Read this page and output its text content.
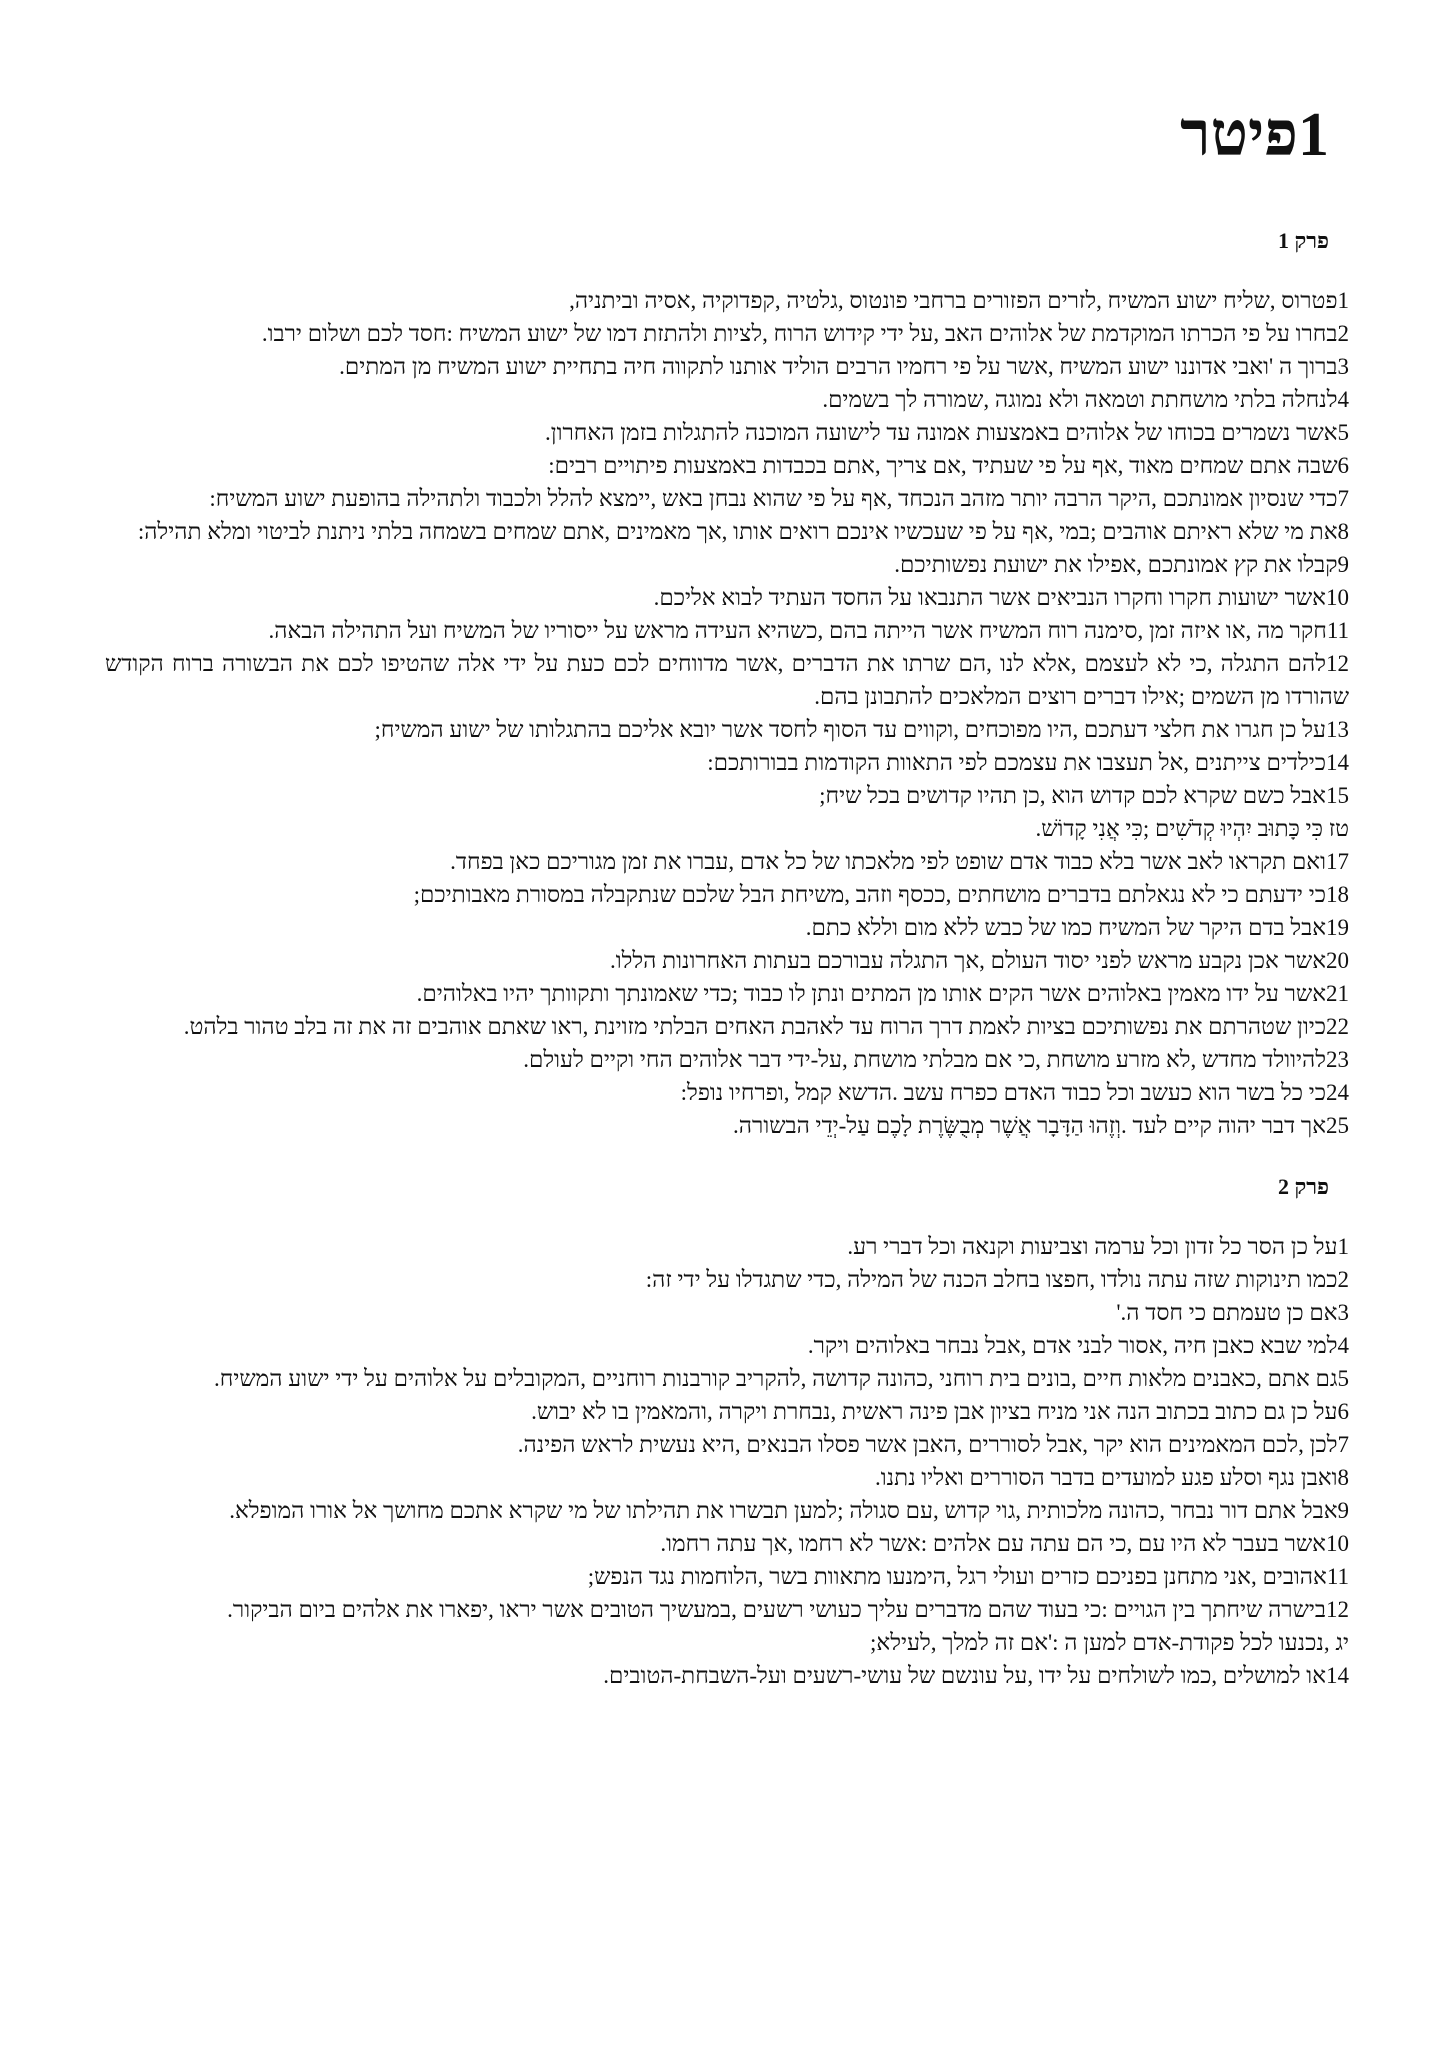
1פיטר
פרק 1
1פטרוס ,שליח ישוע המשיח ,לזרים הפזורים ברחבי פונטוס ,גלטיה ,קפדוקיה ,אסיה וביתניה,
2בחרו על פי הכרתו המוקדמת של אלוהים האב ,על ידי קידוש הרוח ,לציות ולהתזת דמו של ישוע המשיח :חסד לכם ושלום ירבו.
3ברוך ה 'ואבי אדוננו ישוע המשיח ,אשר על פי רחמיו הרבים הוליד אותנו לתקווה חיה בתחיית ישוע המשיח מן המתים.
4לנחלה בלתי מושחתת וטמאה ולא נמוגה ,שמורה לך בשמים.
5אשר נשמרים בכוחו של אלוהים באמצעות אמונה עד לישועה המוכנה להתגלות בזמן האחרון.
6שבה אתם שמחים מאוד ,אף על פי שעתיד ,אם צריך ,אתם בכבדות באמצעות פיתויים רבים:
7כדי שנסיון אמונתכם ,היקר הרבה יותר מזהב הנכחד ,אף על פי שהוא נבחן באש ,יימצא להלל ולכבוד ולתהילה בהופעת ישוע המשיח:
8את מי שלא ראיתם אוהבים ;במי ,אף על פי שעכשיו אינכם רואים אותו ,אך מאמינים ,אתם שמחים בשמחה בלתי ניתנת לביטוי ומלא תהילה:
9קבלו את קץ אמונתכם ,אפילו את ישועת נפשותיכם.
10אשר ישועות חקרו וחקרו הנביאים אשר התנבאו על החסד העתיד לבוא אליכם.
11חקר מה ,או איזה זמן ,סימנה רוח המשיח אשר הייתה בהם ,כשהיא העידה מראש על ייסוריו של המשיח ועל התהילה הבאה.
12להם התגלה ,כי לא לעצמם ,אלא לנו ,הם שרתו את הדברים ,אשר מדווחים לכם כעת על ידי אלה שהטיפו לכם את הבשורה ברוח הקודש שהורדו מן השמים ;אילו דברים רוצים המלאכים להתבונן בהם.
13על כן חגרו את חלצי דעתכם ,היו מפוכחים ,וקווים עד הסוף לחסד אשר יובא אליכם בהתגלותו של ישוע המשיח;
14כילדים צייתנים ,אל תעצבו את עצמכם לפי התאוות הקודמות בבורותכם:
15אבל כשם שקרא לכם קדוש הוא ,כן תהיו קדושים בכל שיח;
טז כִּי כָּתוּב יִהְיוּ קְדֹשִׁים ;כִּי אֲנִי קָדוֹשׁ.
17ואם תקראו לאב אשר בלא כבוד אדם שופט לפי מלאכתו של כל אדם ,עברו את זמן מגוריכם כאן בפחד.
18כי ידעתם כי לא נגאלתם בדברים מושחתים ,ככסף וזהב ,משיחת הבל שלכם שנתקבלה במסורת מאבותיכם;
19אבל בדם היקר של המשיח כמו של כבש ללא מום וללא כתם.
20אשר אכן נקבע מראש לפני יסוד העולם ,אך התגלה עבורכם בעתות האחרונות הללו.
21אשר על ידו מאמין באלוהים אשר הקים אותו מן המתים ונתן לו כבוד ;כדי שאמונתך ותקוותך יהיו באלוהים.
22כיון שטהרתם את נפשותיכם בציות לאמת דרך הרוח עד לאהבת האחים הבלתי מזוינת ,ראו שאתם אוהבים זה את זה בלב טהור בלהט.
23להיוולד מחדש ,לא מזרע מושחת ,כי אם מבלתי מושחת ,על-ידי דבר אלוהים החי וקיים לעולם.
24כי כל בשר הוא כעשב וכל כבוד האדם כפרח עשב .הדשא קמל ,ופרחיו נופל:
25אך דבר יהוה קיים לעד .וְזֶהוּ הַדָּבָר אֲשֶׁר מְבֻשֶּׂרֶת לָכֶם עַל-יְדֵי הבשורה.
פרק 2
1על כן הסר כל זדון וכל ערמה וצביעות וקנאה וכל דברי רע.
2כמו תינוקות שזה עתה נולדו ,חפצו בחלב הכנה של המילה ,כדי שתגדלו על ידי זה:
3אם כן טעמתם כי חסד ה.'
4למי שבא כאבן חיה ,אסור לבני אדם ,אבל נבחר באלוהים ויקר.
5גם אתם ,כאבנים מלאות חיים ,בונים בית רוחני ,כהונה קדושה ,להקריב קורבנות רוחניים ,המקובלים על אלוהים על ידי ישוע המשיח.
6על כן גם כתוב בכתוב הנה אני מניח בציון אבן פינה ראשית ,נבחרת ויקרה ,והמאמין בו לא יבוש.
7לכן ,לכם המאמינים הוא יקר ,אבל לסוררים ,האבן אשר פסלו הבנאים ,היא נעשית לראש הפינה.
8ואבן נגף וסלע פגע למועדים בדבר הסוררים ואליו נתנו.
9אבל אתם דור נבחר ,כהונה מלכותית ,גוי קדוש ,עם סגולה ;למען תבשרו את תהילתו של מי שקרא אתכם מחושך אל אורו המופלא.
10אשר בעבר לא היו עם ,כי הם עתה עם אלהים :אשר לא רחמו ,אך עתה רחמו.
11אהובים ,אני מתחנן בפניכם כזרים ועולי רגל ,הימנעו מתאוות בשר ,הלוחמות נגד הנפש;
12בישרה שיחתך בין הגויים :כי בעוד שהם מדברים עליך כעושי רשעים ,במעשיך הטובים אשר יראו ,יפארו את אלהים ביום הביקור.
יג ,נכנעו לכל פקודת-אדם למען ה :'אם זה למלך ,לעילא;
14או למושלים ,כמו לשולחים על ידו ,על עונשם של עושי-רשעים ועל-השבחת-הטובים.
